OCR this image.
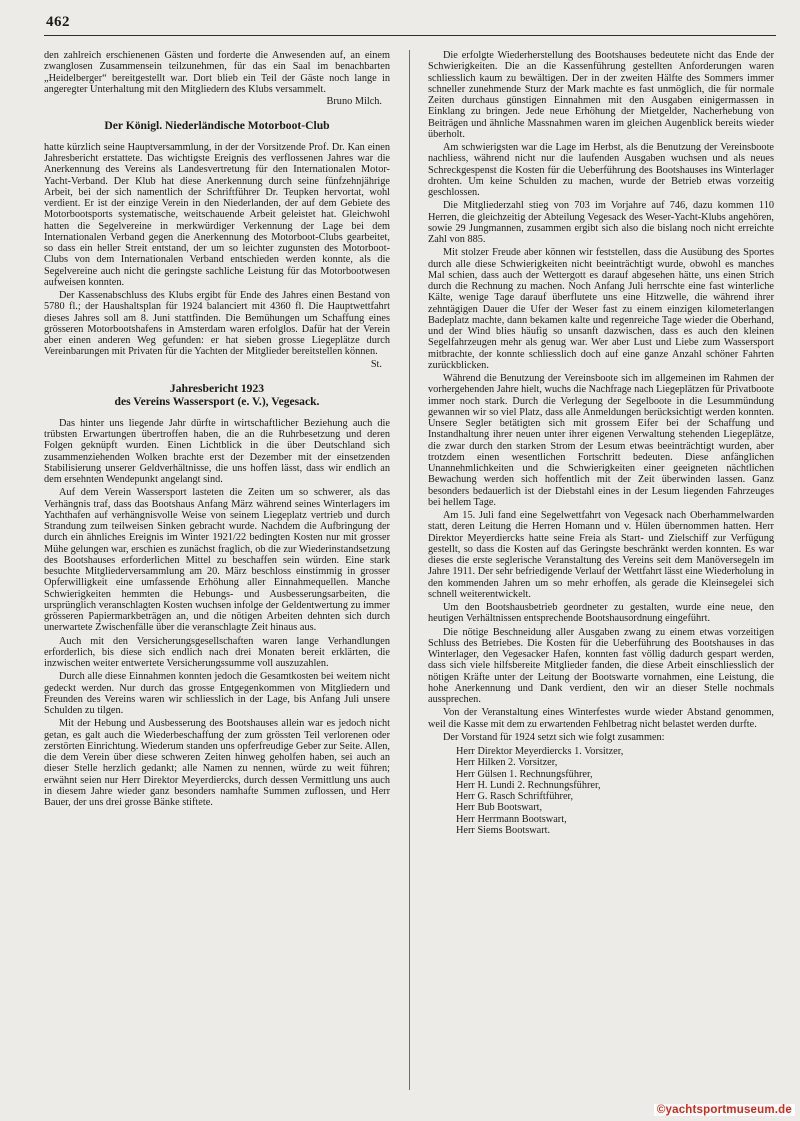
462

den zahlreich erschienenen Gästen und forderte die Anwesenden auf, an einem zwanglosen Zusammensein teilzunehmen, für das ein Saal im benachbarten „Heidelberger“ bereitgestellt war. Dort blieb ein Teil der Gäste noch lange in angeregter Unterhaltung mit den Mitgliedern des Klubs versammelt.

Bruno Milch.
Der Königl. Niederländische Motorboot-Club

hatte kürzlich seine Hauptversammlung, in der der Vorsitzende Prof. Dr. Kan einen Jahresbericht erstattete. Das wichtigste Ereignis des verflossenen Jahres war die Anerkennung des Vereins als Landesvertretung für den Internationalen Motor-Yacht-Verband. Der Klub hat diese Anerkennung durch seine fünfzehnjährige Arbeit, bei der sich namentlich der Schriftführer Dr. Teupken hervortat, wohl verdient. Er ist der einzige Verein in den Niederlanden, der auf dem Gebiete des Motorbootsports systematische, weitschauende Arbeit geleistet hat. Gleichwohl hatten die Segelvereine in merkwürdiger Verkennung der Lage bei dem Internationalen Verband gegen die Anerkennung des Motorboot-Clubs gearbeitet, so dass ein heller Streit entstand, der um so leichter zugunsten des Motorboot-Clubs von dem Internationalen Verband entschieden werden konnte, als die Segelvereine auch nicht die geringste sachliche Leistung für das Motorbootwesen aufweisen konnten.

Der Kassenabschluss des Klubs ergibt für Ende des Jahres einen Bestand von 5780 fl.; der Haushaltsplan für 1924 balanciert mit 4360 fl. Die Hauptwettfahrt dieses Jahres soll am 8. Juni stattfinden. Die Bemühungen um Schaffung eines grösseren Motorbootshafens in Amsterdam waren erfolglos. Dafür hat der Verein aber einen anderen Weg gefunden: er hat sieben grosse Liegeplätze durch Vereinbarungen mit Privaten für die Yachten der Mitglieder bereitstellen können.

St.
Jahresbericht 1923
des Vereins Wassersport (e. V.), Vegesack.

Das hinter uns liegende Jahr dürfte in wirtschaftlicher Beziehung auch die trübsten Erwartungen übertroffen haben, die an die Ruhrbesetzung und deren Folgen geknüpft wurden. Einen Lichtblick in die über Deutschland sich zusammenziehenden Wolken brachte erst der Dezember mit der einsetzenden Stabilisierung unserer Geldverhältnisse, die uns hoffen lässt, dass wir endlich an dem ersehnten Wendepunkt angelangt sind.

Auf dem Verein Wassersport lasteten die Zeiten um so schwerer, als das Verhängnis traf, dass das Bootshaus Anfang März während seines Winterlagers im Yachthafen auf verhängnisvolle Weise von seinem Liegeplatz vertrieb und durch Strandung zum teilweisen Sinken gebracht wurde. Nachdem die Aufbringung der durch ein ähnliches Ereignis im Winter 1921/22 bedingten Kosten nur mit grosser Mühe gelungen war, erschien es zunächst fraglich, ob die zur Wiederinstandsetzung des Bootshauses erforderlichen Mittel zu beschaffen sein würden. Eine stark besuchte Mitgliederversammlung am 20. März beschloss einstimmig in grosser Opferwilligkeit eine umfassende Erhöhung aller Einnahmequellen. Manche Schwierigkeiten hemmten die Hebungs- und Ausbesserungsarbeiten, die ursprünglich veranschlagten Kosten wuchsen infolge der Geldentwertung zu immer grösseren Papiermarkbeträgen an, und die nötigen Arbeiten dehnten sich durch unerwartete Zwischenfälle über die veranschlagte Zeit hinaus aus.

Auch mit den Versicherungsgesellschaften waren lange Verhandlungen erforderlich, bis diese sich endlich nach drei Monaten bereit erklärten, die inzwischen weiter entwertete Versicherungssumme voll auszuzahlen.

Durch alle diese Einnahmen konnten jedoch die Gesamtkosten bei weitem nicht gedeckt werden. Nur durch das grosse Entgegenkommen von Mitgliedern und Freunden des Vereins waren wir schliesslich in der Lage, bis Anfang Juli unsere Schulden zu tilgen.

Mit der Hebung und Ausbesserung des Bootshauses allein war es jedoch nicht getan, es galt auch die Wiederbeschaffung der zum grössten Teil verlorenen oder zerstörten Einrichtung. Wiederum standen uns opferfreudige Geber zur Seite. Allen, die dem Verein über diese schweren Zeiten hinweg geholfen haben, sei auch an dieser Stelle herzlich gedankt; alle Namen zu nennen, würde zu weit führen; erwähnt seien nur Herr Direktor Meyerdiercks, durch dessen Vermittlung uns auch in diesem Jahre wieder ganz besonders namhafte Summen zuflossen, und Herr Bauer, der uns drei grosse Bänke stiftete.

Die erfolgte Wiederherstellung des Bootshauses bedeutete nicht das Ende der Schwierigkeiten. Die an die Kassenführung gestellten Anforderungen waren schliesslich kaum zu bewältigen. Der in der zweiten Hälfte des Sommers immer schneller zunehmende Sturz der Mark machte es fast unmöglich, die für normale Zeiten durchaus günstigen Einnahmen mit den Ausgaben einigermassen in Einklang zu bringen. Jede neue Erhöhung der Mietgelder, Nacherhebung von Beiträgen und ähnliche Massnahmen waren im gleichen Augenblick bereits wieder überholt.

Am schwierigsten war die Lage im Herbst, als die Benutzung der Vereinsboote nachliess, während nicht nur die laufenden Ausgaben wuchsen und als neues Schreckgespenst die Kosten für die Ueberführung des Bootshauses ins Winterlager drohten. Um keine Schulden zu machen, wurde der Betrieb etwas vorzeitig geschlossen.

Die Mitgliederzahl stieg von 703 im Vorjahre auf 746, dazu kommen 110 Herren, die gleichzeitig der Abteilung Vegesack des Weser-Yacht-Klubs angehören, sowie 29 Jungmannen, zusammen ergibt sich also die bislang noch nicht erreichte Zahl von 885.

Mit stolzer Freude aber können wir feststellen, dass die Ausübung des Sportes durch alle diese Schwierigkeiten nicht beeinträchtigt wurde, obwohl es manches Mal schien, dass auch der Wettergott es darauf abgesehen hätte, uns einen Strich durch die Rechnung zu machen. Noch Anfang Juli herrschte eine fast winterliche Kälte, wenige Tage darauf überflutete uns eine Hitzwelle, die während ihrer zehntägigen Dauer die Ufer der Weser fast zu einem einzigen kilometerlangen Badeplatz machte, dann bekamen kalte und regenreiche Tage wieder die Oberhand, und der Wind blies häufig so unsanft dazwischen, dass es auch den kleinen Segelfahrzeugen mehr als genug war. Wer aber Lust und Liebe zum Wassersport mitbrachte, der konnte schliesslich doch auf eine ganze Anzahl schöner Fahrten zurückblicken.

Während die Benutzung der Vereinsboote sich im allgemeinen im Rahmen der vorhergehenden Jahre hielt, wuchs die Nachfrage nach Liegeplätzen für Privatboote immer noch stark. Durch die Verlegung der Segelboote in die Lesummündung gewannen wir so viel Platz, dass alle Anmeldungen berücksichtigt werden konnten. Unsere Segler betätigten sich mit grossem Eifer bei der Schaffung und Instandhaltung ihrer neuen unter ihrer eigenen Verwaltung stehenden Liegeplätze, die zwar durch den starken Strom der Lesum etwas beeinträchtigt wurden, aber trotzdem einen wesentlichen Fortschritt bedeuten. Diese anfänglichen Unannehmlichkeiten und die Schwierigkeiten einer geeigneten nächtlichen Bewachung werden sich hoffentlich mit der Zeit überwinden lassen. Ganz besonders bedauerlich ist der Diebstahl eines in der Lesum liegenden Fahrzeuges bei hellem Tage.

Am 15. Juli fand eine Segelwettfahrt von Vegesack nach Oberhammelwarden statt, deren Leitung die Herren Homann und v. Hülen übernommen hatten. Herr Direktor Meyerdiercks hatte seine Freia als Start- und Zielschiff zur Verfügung gestellt, so dass die Kosten auf das Geringste beschränkt werden konnten. Es war dieses die erste seglerische Veranstaltung des Vereins seit dem Manöversegeln im Jahre 1911. Der sehr befriedigende Verlauf der Wettfahrt lässt eine Wiederholung in den kommenden Jahren um so mehr erhoffen, als gerade die Kleinsegelei sich schnell weiterentwickelt.

Um den Bootshausbetrieb geordneter zu gestalten, wurde eine neue, den heutigen Verhältnissen entsprechende Bootshausordnung eingeführt.

Die nötige Beschneidung aller Ausgaben zwang zu einem etwas vorzeitigen Schluss des Betriebes. Die Kosten für die Ueberführung des Bootshauses in das Winterlager, den Vegesacker Hafen, konnten fast völlig dadurch gespart werden, dass sich viele hilfsbereite Mitglieder fanden, die diese Arbeit einschliesslich der nötigen Kräfte unter der Leitung der Bootswarte vornahmen, eine Leistung, die hohe Anerkennung und Dank verdient, den wir an dieser Stelle nochmals aussprechen.

Von der Veranstaltung eines Winterfestes wurde wieder Abstand genommen, weil die Kasse mit dem zu erwartenden Fehlbetrag nicht belastet werden durfte.

Der Vorstand für 1924 setzt sich wie folgt zusammen:

Herr Direktor Meyerdiercks 1. Vorsitzer,
Herr Hilken 2. Vorsitzer,
Herr Gülsen 1. Rechnungsführer,
Herr H. Lundi 2. Rechnungsführer,
Herr G. Rasch Schriftführer,
Herr Bub Bootswart,
Herr Herrmann Bootswart,
Herr Siems Bootswart.
©yachtsportmuseum.de
